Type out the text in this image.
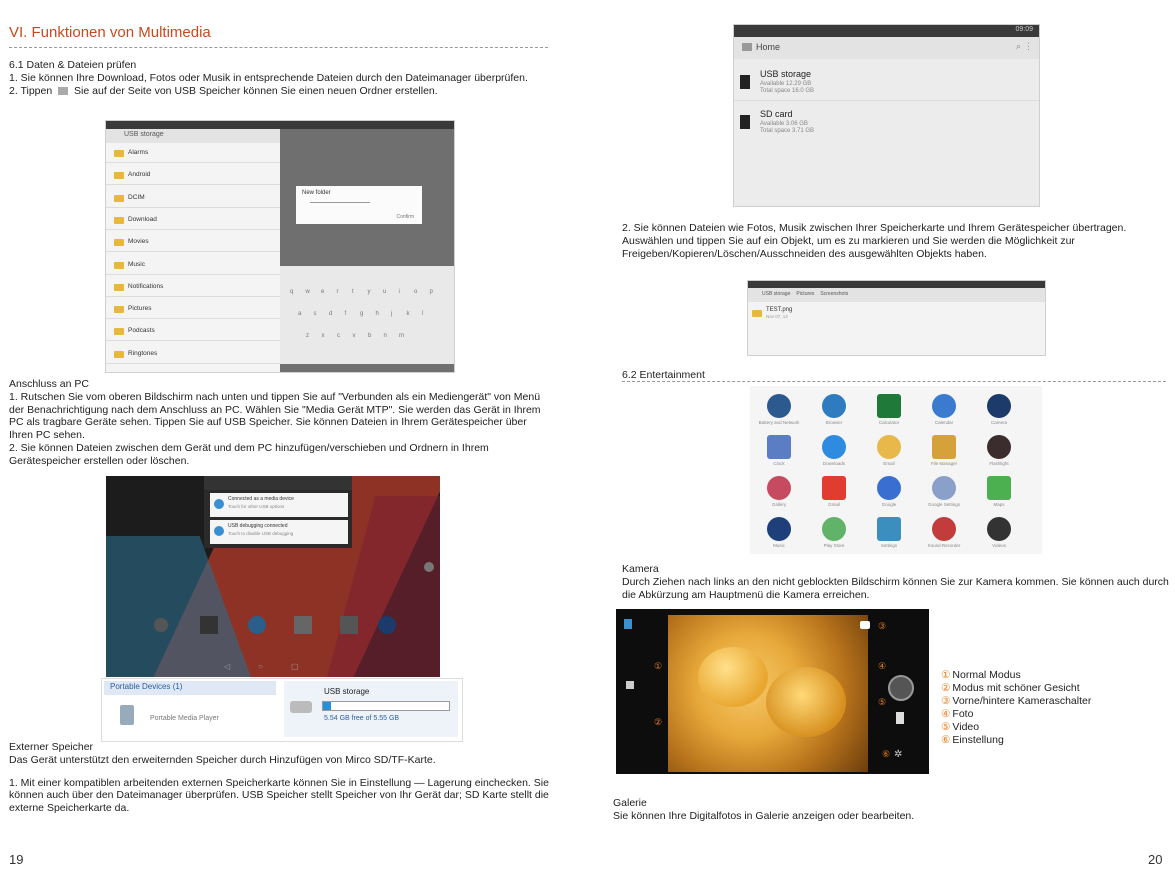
VI. Funktionen von Multimedia

6.1 Daten & Dateien prüfen

1. Sie können Ihre Download, Fotos oder Musik in entsprechende Dateien durch den Dateimanager überprüfen.

2. Tippen Sie auf der Seite von USB Speicher können Sie einen neuen Ordner erstellen.

USB storage
Alarms
Android
DCIM
Download
Movies
Music
Notifications
Pictures
Podcasts
Ringtones
New folder
Confirm
q w e r t y u i o p
a s d f g h j k l
z x c v b n m

Anschluss an PC

1. Rutschen Sie vom oberen Bildschirm nach unten und tippen Sie auf "Verbunden als ein Mediengerät" von Menü der Benachrichtigung nach dem Anschluss an PC. Wählen Sie "Media Gerät MTP". Sie werden das Gerät in Ihrem PC als tragbare Geräte sehen. Tippen Sie auf USB Speicher. Sie können Dateien in Ihrem Gerätespeicher über Ihren PC sehen.

2. Sie können Dateien zwischen dem Gerät und dem PC hinzufügen/verschieben und Ordnern in Ihrem Gerätespeicher erstellen oder löschen.

Connected as a media device
Touch for other USB options
USB debugging connected
Touch to disable USB debugging
◁○▢
Portable Devices (1)
Portable Media Player
USB storage
5.54 GB free of 5.55 GB

Externer Speicher

Das Gerät unterstützt den erweiternden Speicher durch Hinzufügen von Mirco SD/TF-Karte.

1. Mit einer kompatiblen arbeitenden externen Speicherkarte können Sie in Einstellung — Lagerung einchecken. Sie können auch über den Dateimanager überprüfen. USB Speicher stellt Speicher von Ihr Gerät dar; SD Karte stellt die externe Speicherkarte da.

19
09:09
Home	⌕ ⋮
USB storage
Available 12.29 GB
Total space 16.0 GB
SD card
Available 3.06 GB
Total space 3.71 GB
2. Sie können Dateien wie Fotos, Musik zwischen Ihrer Speicherkarte und Ihrem Gerätespeicher übertragen. Auswählen und tippen Sie auf ein Objekt, um es zu markieren und Sie werden die Möglichkeit zur Freigeben/Kopieren/Löschen/Ausschneiden des ausgewählten Objekts haben.
USB storage Pictures Screenshots
TEST.png
Nov 07, 14
6.2 Entertainment
Battery and Network	Browser	Calculator	Calendar	Camera
Clock	Downloads	Email	File Manager	Flashlight
Gallery	Gmail	Google	Google Settings	Maps
Music	Play Store	Settings	Sound Recorder	Videos

Kamera

Durch Ziehen nach links an den nicht geblockten Bildschirm können Sie zur Kamera kommen. Sie können auch durch die Abkürzung am Hauptmenü die Kamera erreichen.

✲
①
②
③
④
⑤
⑥
① Normal Modus
② Modus mit schöner Gesicht
③ Vorne/hintere Kameraschalter
④ Foto
⑤ Video
⑥ Einstellung

Galerie

Sie können Ihre Digitalfotos in Galerie anzeigen oder bearbeiten.

20
